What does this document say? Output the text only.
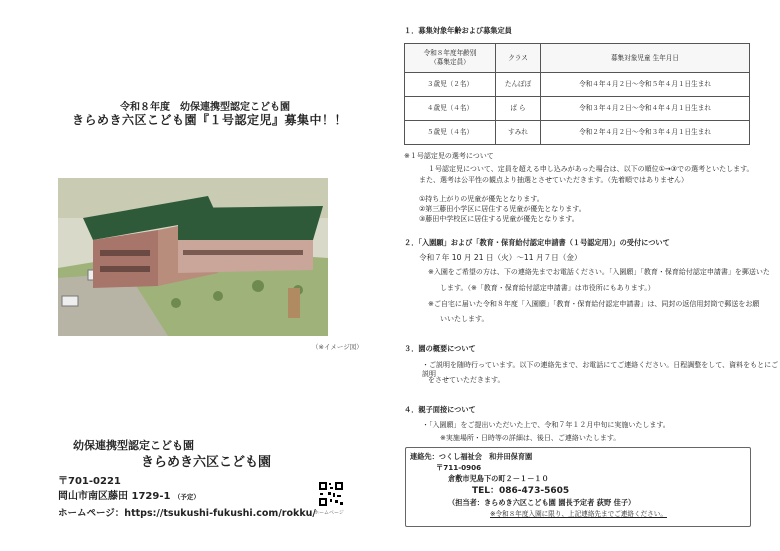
令和８年度　幼保連携型認定こども園
きらめき六区こども園『１号認定児』募集中！！
（※イメージ図）
幼保連携型認定こども園
きらめき六区こども園
〒701-0221
岡山市南区藤田 1729-1 （予定）
ホームページ：https://tsukushi-fukushi.com/rokku/
ホームページ
１．募集対象年齢および募集定員
令和８年度年齢別
（募集定員）	クラス	募集対象児童 生年月日
３歳児（２名）	たんぽぽ	令和４年４月２日～令和５年４月１日生まれ
４歳児（４名）	ば ら	令和３年４月２日～令和４年４月１日生まれ
５歳児（４名）	すみれ	令和２年４月２日～令和３年４月１日生まれ
※１号認定児の選考について
１号認定児について、定員を超える申し込みがあった場合は、以下の順位①→③での選考といたします。
また、選考は公平性の観点より抽選とさせていただきます。（先着順ではありません）
①持ち上がりの児童が優先となります。
②第三藤田小学区に居住する児童が優先となります。
③藤田中学校区に居住する児童が優先となります。
２．「入園願」および「教育・保育給付認定申請書（１号認定用）」の受付について
令和７年 10 月 21 日（火）～11 月７日（金）
※入園をご希望の方は、下の連絡先までお電話ください。「入園願」「教育・保育給付認定申請書」を郵送いた
します。（※「教育・保育給付認定申請書」は市役所にもあります。）
※ご自宅に届いた令和８年度「入園願」「教育・保育給付認定申請書」は、同封の返信用封筒で郵送をお願
いいたします。
３．園の概要について
・ご説明を随時行っています。以下の連絡先まで、お電話にてご連絡ください。日程調整をして、資料をもとにご説明
をさせていただきます。
４．親子面接について
・「入園願」をご提出いただいた上で、令和７年１２月中旬に実施いたします。
※実施場所・日時等の詳細は、後日、ご連絡いたします。
連絡先：つくし福祉会　和井田保育園
〒711-0906
倉敷市児島下の町２－１－１０
TEL：086-473-5605
（担当者：きらめき六区こども園 園長予定者 荻野 佳子）
※令和８年度入園に限り、上記連絡先までご連絡ください。
